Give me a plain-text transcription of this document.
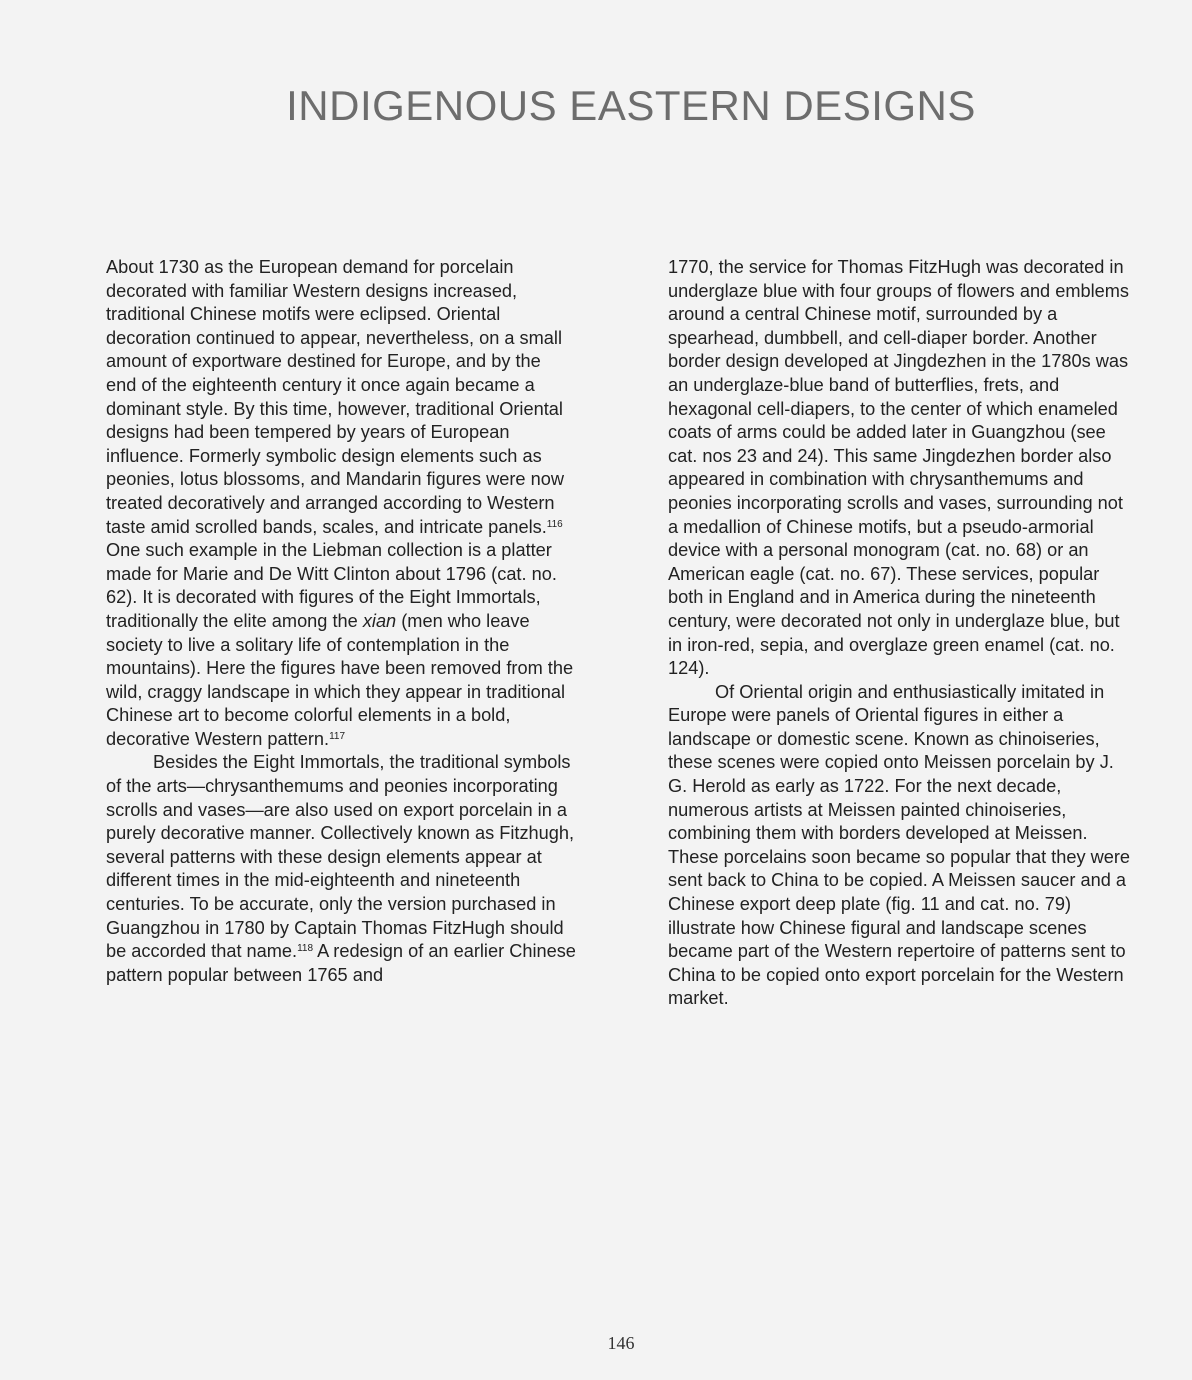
INDIGENOUS EASTERN DESIGNS

About 1730 as the European demand for porcelain decorated with familiar Western designs increased, traditional Chinese motifs were eclipsed. Oriental decoration continued to appear, nevertheless, on a small amount of exportware destined for Europe, and by the end of the eighteenth century it once again became a dominant style. By this time, however, traditional Oriental designs had been tempered by years of European influence. Formerly symbolic design elements such as peonies, lotus blossoms, and Mandarin figures were now treated decoratively and arranged according to Western taste amid scrolled bands, scales, and intricate panels.$^{116}$ One such example in the Liebman collection is a platter made for Marie and De Witt Clinton about 1796 (cat. no. 62). It is decorated with figures of the Eight Immortals, traditionally the elite among the xian (men who leave society to live a solitary life of contemplation in the mountains). Here the figures have been removed from the wild, craggy landscape in which they appear in traditional Chinese art to become colorful elements in a bold, decorative Western pattern.$^{117}$

Besides the Eight Immortals, the traditional symbols of the arts—chrysanthemums and peonies incorporating scrolls and vases—are also used on export porcelain in a purely decorative manner. Collectively known as Fitzhugh, several patterns with these design elements appear at different times in the mid-eighteenth and nineteenth centuries. To be accurate, only the version purchased in Guangzhou in 1780 by Captain Thomas FitzHugh should be accorded that name.$^{118}$ A redesign of an earlier Chinese pattern popular between 1765 and

1770, the service for Thomas FitzHugh was decorated in underglaze blue with four groups of flowers and emblems around a central Chinese motif, surrounded by a spearhead, dumbbell, and cell-diaper border. Another border design developed at Jingdezhen in the 1780s was an underglaze-blue band of butterflies, frets, and hexagonal cell-diapers, to the center of which enameled coats of arms could be added later in Guangzhou (see cat. nos 23 and 24). This same Jingdezhen border also appeared in combination with chrysanthemums and peonies incorporating scrolls and vases, surrounding not a medallion of Chinese motifs, but a pseudo-armorial device with a personal monogram (cat. no. 68) or an American eagle (cat. no. 67). These services, popular both in England and in America during the nineteenth century, were decorated not only in underglaze blue, but in iron-red, sepia, and overglaze green enamel (cat. no. 124).

Of Oriental origin and enthusiastically imitated in Europe were panels of Oriental figures in either a landscape or domestic scene. Known as chinoiseries, these scenes were copied onto Meissen porcelain by J. G. Herold as early as 1722. For the next decade, numerous artists at Meissen painted chinoiseries, combining them with borders developed at Meissen. These porcelains soon became so popular that they were sent back to China to be copied. A Meissen saucer and a Chinese export deep plate (fig. 11 and cat. no. 79) illustrate how Chinese figural and landscape scenes became part of the Western repertoire of patterns sent to China to be copied onto export porcelain for the Western market.

146
